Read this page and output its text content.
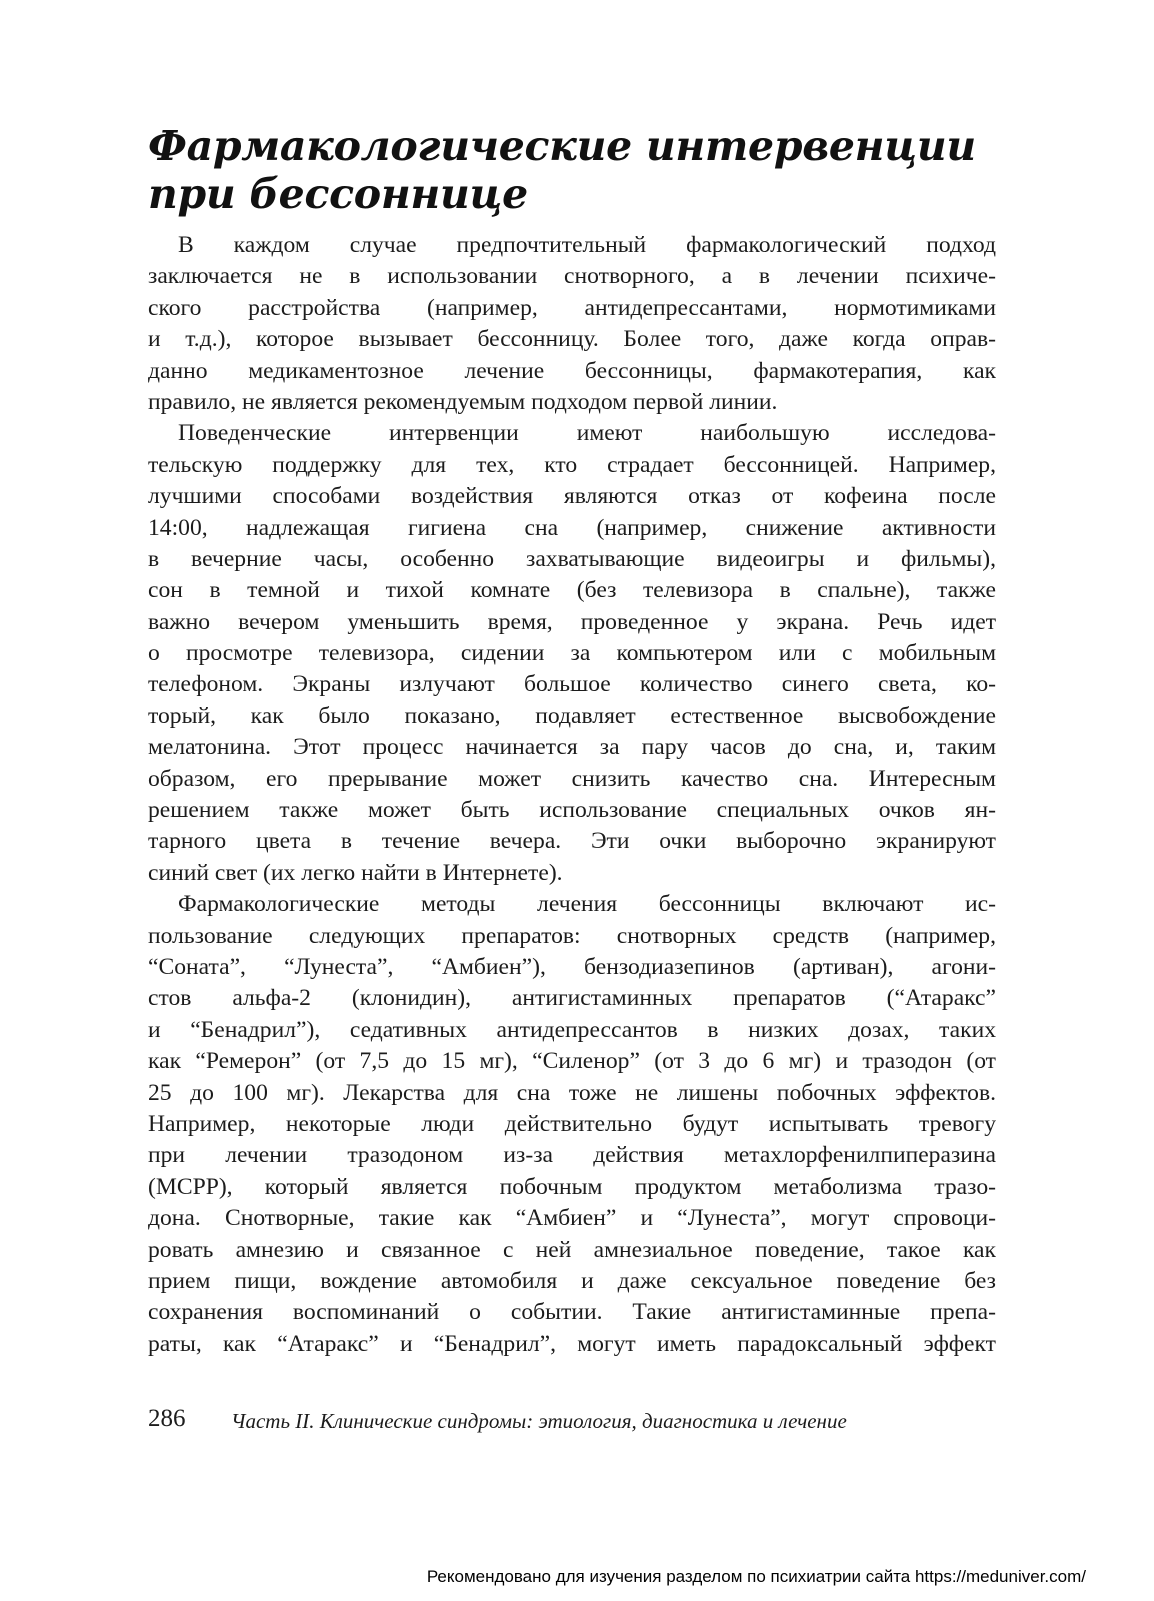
Фармакологические интервенции
при бессоннице
В каждом случае предпочтительный фармакологический подход
заключается не в использовании снотворного, а в лечении психиче-
ского расстройства (например, антидепрессантами, нормотимиками
и т.д.), которое вызывает бессонницу. Более того, даже когда оправ-
данно медикаментозное лечение бессонницы, фармакотерапия, как
правило, не является рекомендуемым подходом первой линии.
Поведенческие интервенции имеют наибольшую исследова-
тельскую поддержку для тех, кто страдает бессонницей. Например,
лучшими способами воздействия являются отказ от кофеина после
14:00, надлежащая гигиена сна (например, снижение активности
в вечерние часы, особенно захватывающие видеоигры и фильмы),
сон в темной и тихой комнате (без телевизора в спальне), также
важно вечером уменьшить время, проведенное у экрана. Речь идет
о просмотре телевизора, сидении за компьютером или с мобильным
телефоном. Экраны излучают большое количество синего света, ко-
торый, как было показано, подавляет естественное высвобождение
мелатонина. Этот процесс начинается за пару часов до сна, и, таким
образом, его прерывание может снизить качество сна. Интересным
решением также может быть использование специальных очков ян-
тарного цвета в течение вечера. Эти очки выборочно экранируют
синий свет (их легко найти в Интернете).
Фармакологические методы лечения бессонницы включают ис-
пользование следующих препаратов: снотворных средств (например,
“Соната”, “Лунеста”, “Амбиен”), бензодиазепинов (артиван), агони-
стов альфа-2 (клонидин), антигистаминных препаратов (“Атаракс”
и “Бенадрил”), седативных антидепрессантов в низких дозах, таких
как “Ремерон” (от 7,5 до 15 мг), “Силенор” (от 3 до 6 мг) и тразодон (от
25 до 100 мг). Лекарства для сна тоже не лишены побочных эффектов.
Например, некоторые люди действительно будут испытывать тревогу
при лечении тразодоном из-за действия метахлорфенилпиперазина
(MCPP), который является побочным продуктом метаболизма тразо-
дона. Снотворные, такие как “Амбиен” и “Лунеста”, могут спровоци-
ровать амнезию и связанное с ней амнезиальное поведение, такое как
прием пищи, вождение автомобиля и даже сексуальное поведение без
сохранения воспоминаний о событии. Такие антигистаминные препа-
раты, как “Атаракс” и “Бенадрил”, могут иметь парадоксальный эффект
286 Часть II. Клинические синдромы: этиология, диагностика и лечение
Рекомендовано для изучения разделом по психиатрии сайта https://meduniver.com/
